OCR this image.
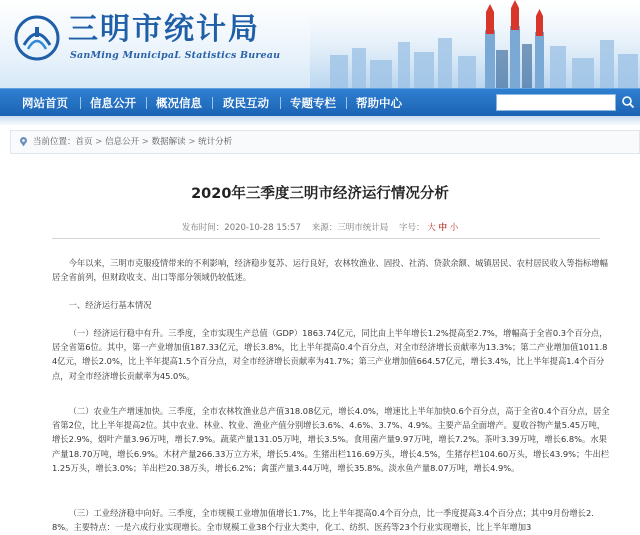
三明市统计局
SanMing MunicipaL Statistics Bureau
网站首页	信息公开	概况信息	政民互动	专题专栏	帮助中心
当前位置：首页 > 信息公开 > 数据解读 > 统计分析
2020年三季度三明市经济运行情况分析
发布时间：2020-10-28 15:57 来源：三明市统计局 字号： 大 中 小
今年以来，三明市克服疫情带来的不利影响，经济稳步复苏、运行良好，农林牧渔业、固投、社消、贷款余额、城镇居民、农村居民收入等指标增幅居全省前列，但财政收支、出口等部分领域仍较低迷。
一、经济运行基本情况
（一）经济运行稳中有升。三季度，全市实现生产总值（GDP）1863.74亿元，同比由上半年增长1.2%提高至2.7%，增幅高于全省0.3个百分点，居全省第6位。其中，第一产业增加值187.33亿元，增长3.8%，比上半年提高0.4个百分点，对全市经济增长贡献率为13.3%；第二产业增加值1011.84亿元，增长2.0%，比上半年提高1.5个百分点，对全市经济增长贡献率为41.7%；第三产业增加值664.57亿元，增长3.4%，比上半年提高1.4个百分点，对全市经济增长贡献率为45.0%。
（二）农业生产增速加快。三季度，全市农林牧渔业总产值318.08亿元，增长4.0%，增速比上半年加快0.6个百分点，高于全省0.4个百分点，居全省第2位，比上半年提高2位。其中农业、林业、牧业、渔业产值分别增长3.6%、4.6%、3.7%、4.9%。主要产品全面增产。夏收谷物产量5.45万吨，增长2.9%，烟叶产量3.96万吨，增长7.9%。蔬菜产量131.05万吨，增长3.5%。食用菌产量9.97万吨，增长7.2%。茶叶3.39万吨，增长6.8%。水果产量18.70万吨，增长6.9%。木材产量266.33万立方米，增长5.4%。生猪出栏116.69万头，增长4.5%，生猪存栏104.60万头，增长43.9%；牛出栏1.25万头，增长3.0%；羊出栏20.38万头，增长6.2%；禽蛋产量3.44万吨，增长35.8%。淡水鱼产量8.07万吨，增长4.9%。
（三）工业经济稳中向好。三季度，全市规模工业增加值增长1.7%，比上半年提高0.4个百分点，比一季度提高3.4个百分点；其中9月份增长2.8%。主要特点：一是六成行业实现增长。全市规模工业38个行业大类中，化工、纺织、医药等23个行业实现增长，比上半年增加3
